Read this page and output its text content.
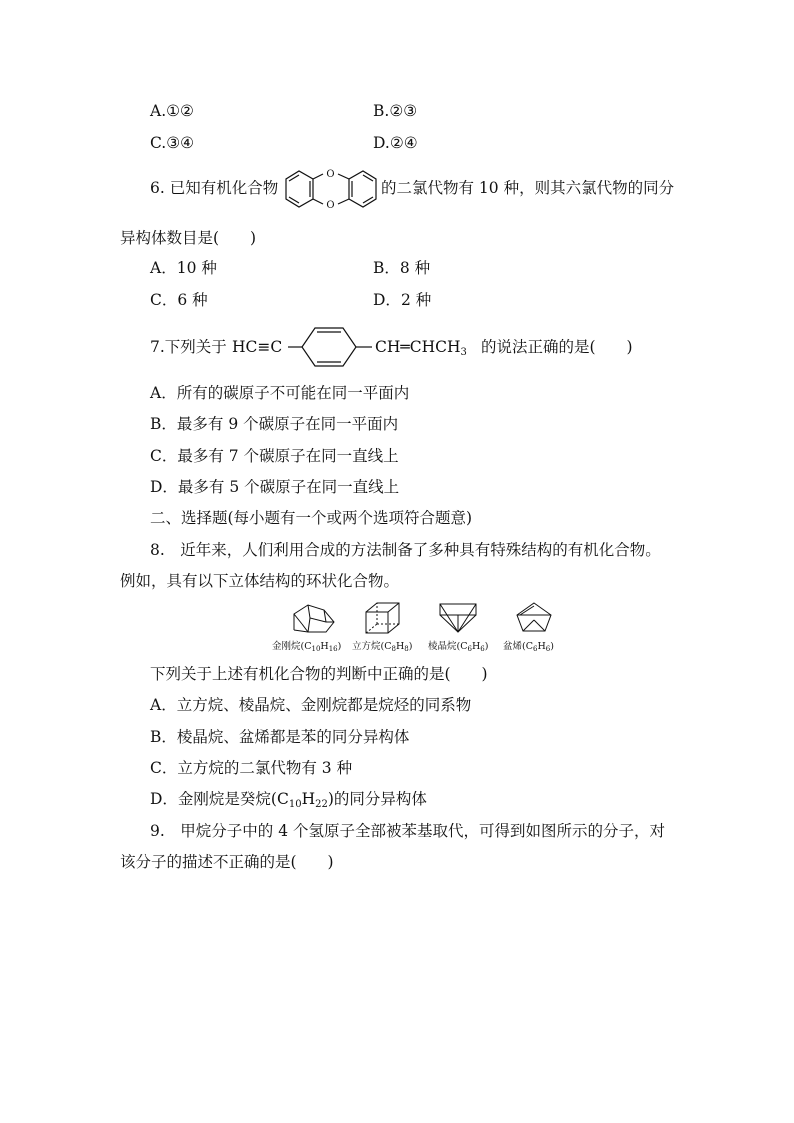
A.①②	B.②③
C.③④	D.②④
6. 已知有机化合物
O
O
的二氯代物有 10 种，则其六氯代物的同分
异构体数目是(　　)
A．10 种	B．8 种
C．6 种	D．2 种
7.下列关于 HC≡C	$CH═CHCH_3$ 的说法正确的是(　　)
A．所有的碳原子不可能在同一平面内
B．最多有 9 个碳原子在同一平面内
C．最多有 7 个碳原子在同一直线上
D．最多有 5 个碳原子在同一直线上
二、选择题(每小题有一个或两个选项符合题意)
8.　近年来，人们利用合成的方法制备了多种具有特殊结构的有机化合物。
例如，具有以下立体结构的环状化合物。
金刚烷$(C_{10}H_{16})$ 立方烷$(C_8H_8)$ 棱晶烷$(C_6H_6)$ 盆烯$(C_6H_6)$
下列关于上述有机化合物的判断中正确的是(　　)
A．立方烷、棱晶烷、金刚烷都是烷烃的同系物
B．棱晶烷、盆烯都是苯的同分异构体
C．立方烷的二氯代物有 3 种
D．金刚烷是癸烷$(C_{10}H_{22})$的同分异构体
9.　甲烷分子中的 4 个氢原子全部被苯基取代，可得到如图所示的分子，对
该分子的描述不正确的是(　　)
